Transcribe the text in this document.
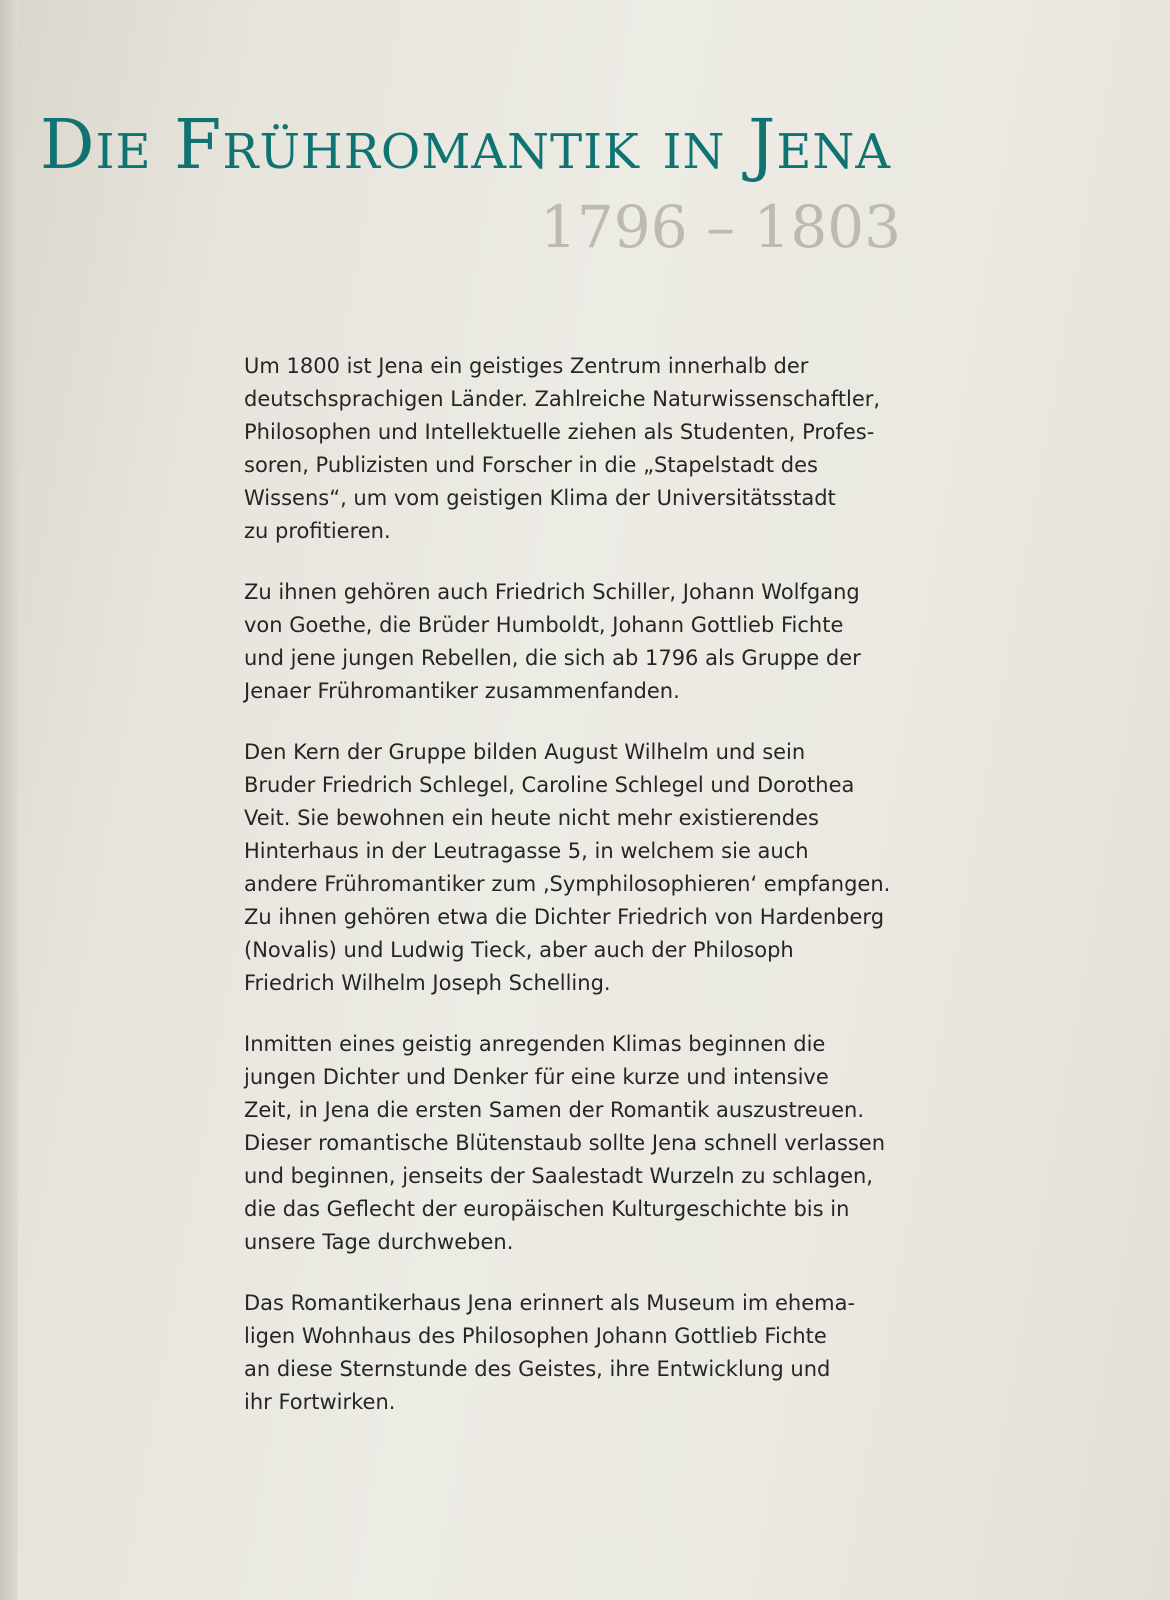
Die Frühromantik in Jena
1796 – 1803

Um 1800 ist Jena ein geistiges Zentrum innerhalb der
deutschsprachigen Länder. Zahlreiche Naturwissenschaftler,
Philosophen und Intellektuelle ziehen als Studenten, Profes-
soren, Publizisten und Forscher in die „Stapelstadt des
Wissens“, um vom geistigen Klima der Universitätsstadt
zu profitieren.

Zu ihnen gehören auch Friedrich Schiller, Johann Wolfgang
von Goethe, die Brüder Humboldt, Johann Gottlieb Fichte
und jene jungen Rebellen, die sich ab 1796 als Gruppe der
Jenaer Frühromantiker zusammenfanden.

Den Kern der Gruppe bilden August Wilhelm und sein
Bruder Friedrich Schlegel, Caroline Schlegel und Dorothea
Veit. Sie bewohnen ein heute nicht mehr existierendes
Hinterhaus in der Leutragasse 5, in welchem sie auch
andere Frühromantiker zum ‚Symphilosophieren‘ empfangen.
Zu ihnen gehören etwa die Dichter Friedrich von Hardenberg
(Novalis) und Ludwig Tieck, aber auch der Philosoph
Friedrich Wilhelm Joseph Schelling.

Inmitten eines geistig anregenden Klimas beginnen die
jungen Dichter und Denker für eine kurze und intensive
Zeit, in Jena die ersten Samen der Romantik auszustreuen.
Dieser romantische Blütenstaub sollte Jena schnell verlassen
und beginnen, jenseits der Saalestadt Wurzeln zu schlagen,
die das Geflecht der europäischen Kulturgeschichte bis in
unsere Tage durchweben.

Das Romantikerhaus Jena erinnert als Museum im ehema-
ligen Wohnhaus des Philosophen Johann Gottlieb Fichte
an diese Sternstunde des Geistes, ihre Entwicklung und
ihr Fortwirken.
